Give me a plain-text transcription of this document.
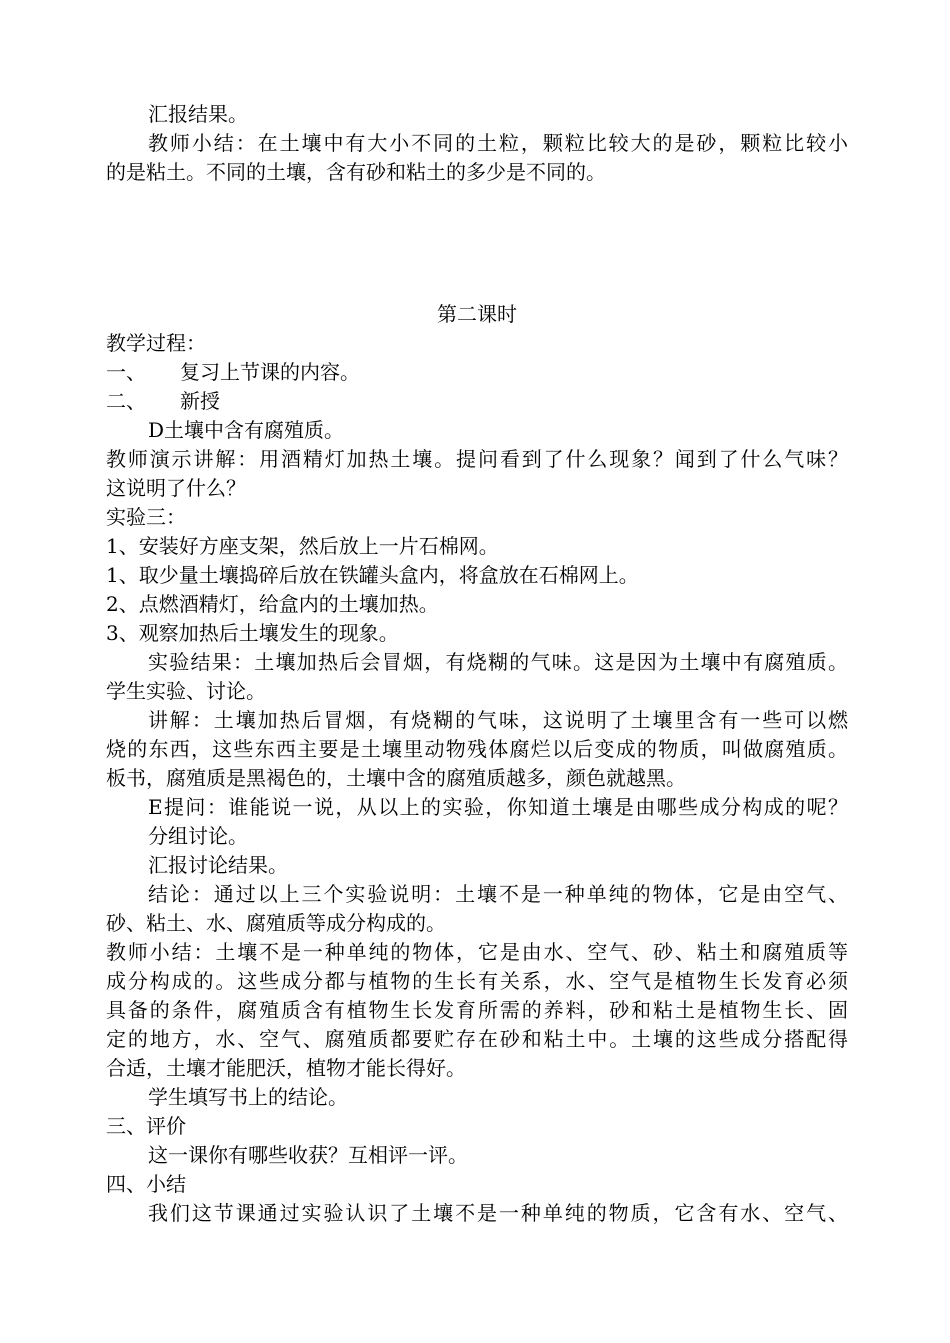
汇报结果。
教师小结：在土壤中有大小不同的土粒，颗粒比较大的是砂，颗粒比较小
的是粘土。不同的土壤，含有砂和粘土的多少是不同的。
第二课时
教学过程：
一、 复习上节课的内容。
二、 新授
D土壤中含有腐殖质。
教师演示讲解：用酒精灯加热土壤。提问看到了什么现象？闻到了什么气味？
这说明了什么？
实验三：
1、安装好方座支架，然后放上一片石棉网。
1、取少量土壤捣碎后放在铁罐头盒内，将盒放在石棉网上。
2、点燃酒精灯，给盒内的土壤加热。
3、观察加热后土壤发生的现象。
实验结果：土壤加热后会冒烟，有烧糊的气味。这是因为土壤中有腐殖质。
学生实验、讨论。
讲解：土壤加热后冒烟，有烧糊的气味，这说明了土壤里含有一些可以燃
烧的东西，这些东西主要是土壤里动物残体腐烂以后变成的物质，叫做腐殖质。
板书，腐殖质是黑褐色的，土壤中含的腐殖质越多，颜色就越黑。
E提问：谁能说一说，从以上的实验，你知道土壤是由哪些成分构成的呢？
分组讨论。
汇报讨论结果。
结论：通过以上三个实验说明：土壤不是一种单纯的物体，它是由空气、
砂、粘土、水、腐殖质等成分构成的。
教师小结：土壤不是一种单纯的物体，它是由水、空气、砂、粘土和腐殖质等
成分构成的。这些成分都与植物的生长有关系，水、空气是植物生长发育必须
具备的条件，腐殖质含有植物生长发育所需的养料，砂和粘土是植物生长、固
定的地方，水、空气、腐殖质都要贮存在砂和粘土中。土壤的这些成分搭配得
合适，土壤才能肥沃，植物才能长得好。
学生填写书上的结论。
三、评价
这一课你有哪些收获？互相评一评。
四、小结
我们这节课通过实验认识了土壤不是一种单纯的物质，它含有水、空气、
